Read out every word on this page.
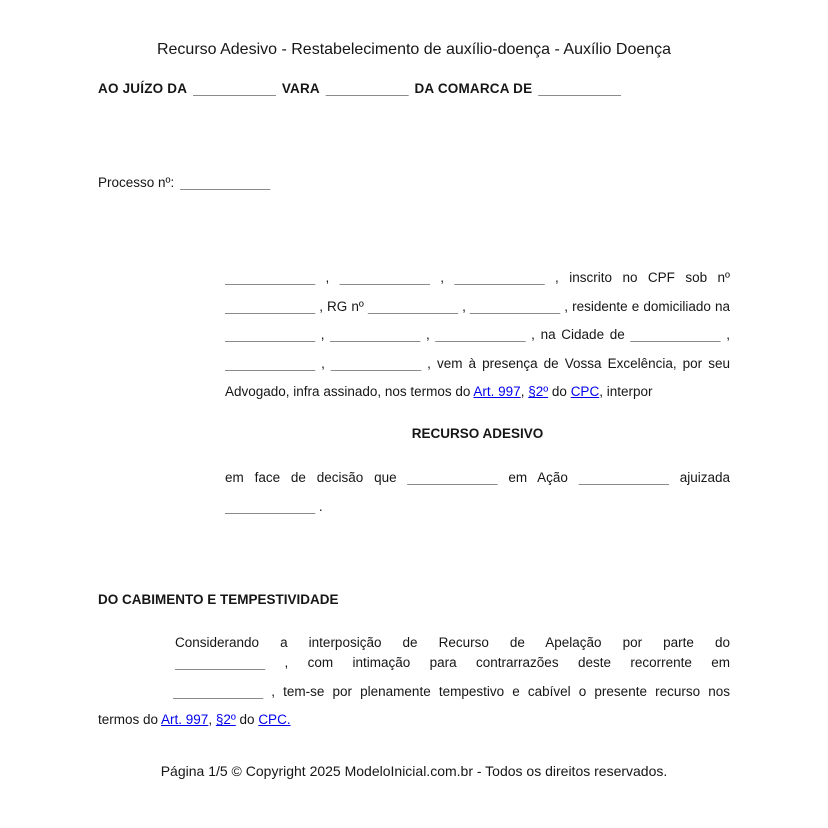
Recurso Adesivo - Restabelecimento de auxílio-doença - Auxílio Doença
AO JUÍZO DA ___________ VARA ___________ DA COMARCA DE ___________
Processo nº: ____________
____________ , ____________ , ____________ , inscrito no CPF sob nº
____________ , RG nº ____________ , ____________ , residente e domiciliado na
____________ , ____________ , ____________ , na Cidade de ____________ ,
____________ , ____________ , vem à presença de Vossa Excelência, por seu
Advogado, infra assinado, nos termos do Art. 997, §2º do CPC, interpor
RECURSO ADESIVO
em face de decisão que ____________ em Ação ____________ ajuizada
____________ .
DO CABIMENTO E TEMPESTIVIDADE
Considerando a interposição de Recurso de Apelação por parte do
____________ , com intimação para contrarrazões deste recorrente em
____________ , tem-se por plenamente tempestivo e cabível o presente recurso nos
termos do Art. 997, §2º do CPC.
Página 1/5 © Copyright 2025 ModeloInicial.com.br - Todos os direitos reservados.
